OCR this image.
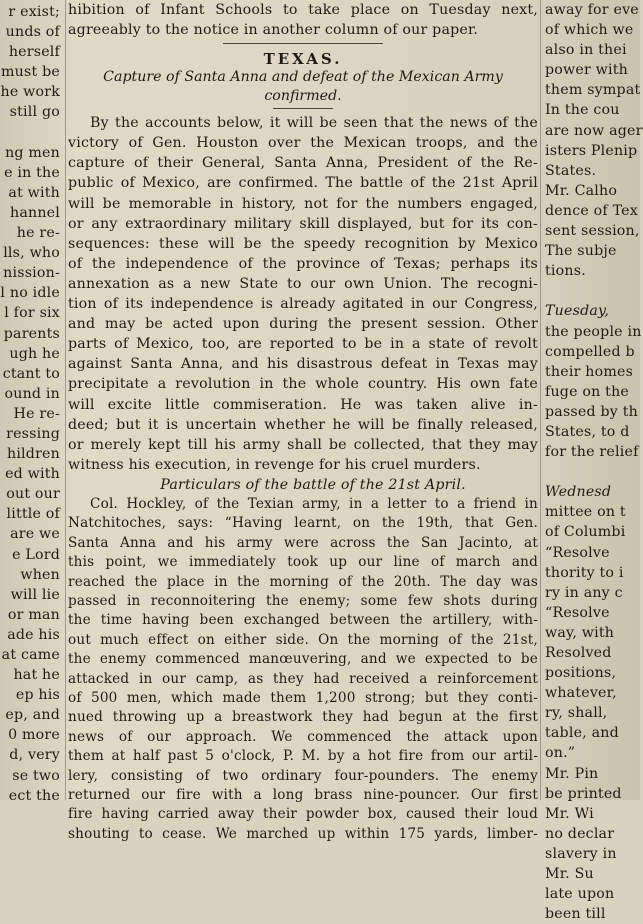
r exist;
unds of
herself
must be
he work
still go

ng men
e in the
at with
hannel
he re-
lls, who
nission-
l no idle
l for six
parents
ugh he
ctant to
ound in
He re-
ressing
hildren
ed with
out our
little of
are we
e Lord
when
will lie
or man
ade his
at came
hat he
ep his
ep, and
0 more
d, very
se two
ect the
hibition of Infant Schools to take place on Tuesday next,
agreeably to the notice in another column of our paper.
TEXAS.
Capture of Santa Anna and defeat of the Mexican Army
confirmed.
By the accounts below, it will be seen that the news of the
victory of Gen. Houston over the Mexican troops, and the
capture of their General, Santa Anna, President of the Re-
public of Mexico, are confirmed. The battle of the 21st April
will be memorable in history, not for the numbers engaged,
or any extraordinary military skill displayed, but for its con-
sequences: these will be the speedy recognition by Mexico
of the independence of the province of Texas; perhaps its
annexation as a new State to our own Union. The recogni-
tion of its independence is already agitated in our Congress,
and may be acted upon during the present session. Other
parts of Mexico, too, are reported to be in a state of revolt
against Santa Anna, and his disastrous defeat in Texas may
precipitate a revolution in the whole country. His own fate
will excite little commiseration. He was taken alive in-
deed; but it is uncertain whether he will be finally released,
or merely kept till his army shall be collected, that they may
witness his execution, in revenge for his cruel murders.
Particulars of the battle of the 21st April.
Col. Hockley, of the Texian army, in a letter to a friend in
Natchitoches, says: “Having learnt, on the 19th, that Gen.
Santa Anna and his army were across the San Jacinto, at
this point, we immediately took up our line of march and
reached the place in the morning of the 20th. The day was
passed in reconnoitering the enemy; some few shots during
the time having been exchanged between the artillery, with-
out much effect on either side. On the morning of the 21st,
the enemy commenced manœuvering, and we expected to be
attacked in our camp, as they had received a reinforcement
of 500 men, which made them 1,200 strong; but they conti-
nued throwing up a breastwork they had begun at the first
news of our approach. We commenced the attack upon
them at half past 5 o'clock, P. M. by a hot fire from our artil-
lery, consisting of two ordinary four-pounders. The enemy
returned our fire with a long brass nine-pouncer. Our first
fire having carried away their powder box, caused their loud
shouting to cease. We marched up within 175 yards, limber-
away for eve
of which we
also in thei
power with
them sympat
In the cou
are now ager
isters Plenip
States.
Mr. Calho
dence of Tex
sent session,
The subje
tions.

Tuesday,
the people in
compelled b
their homes
fuge on the
passed by th
States, to d
for the relief

Wednesd
mittee on t
of Columbi
“Resolve
thority to i
ry in any c
“Resolve
way, with
Resolved
positions,
whatever,
ry, shall,
table, and
on.”
Mr. Pin
be printed
Mr. Wi
no declar
slavery in
Mr. Su
late upon
been till
